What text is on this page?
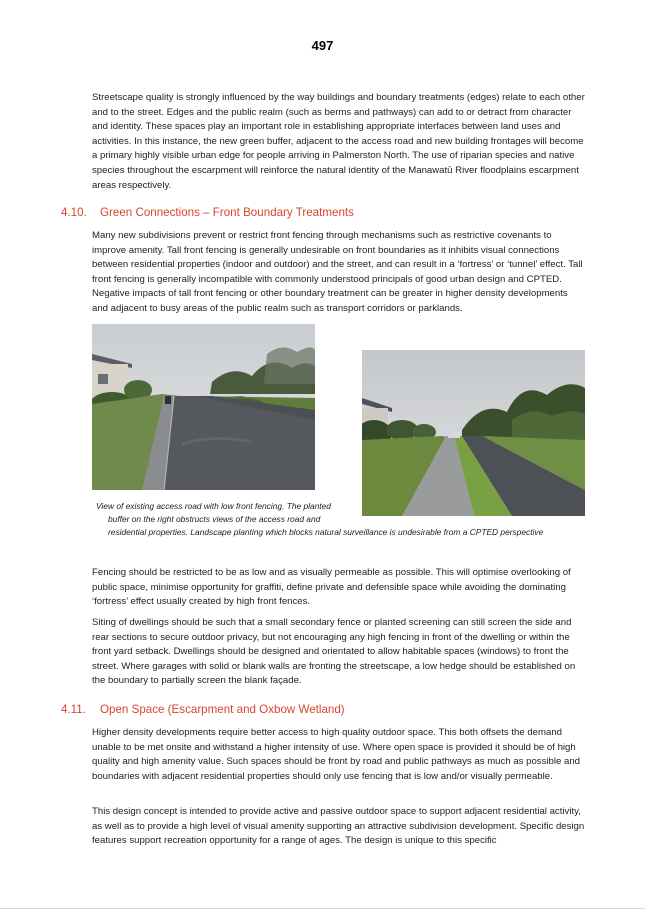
497

Streetscape quality is strongly influenced by the way buildings and boundary treatments (edges) relate to each other and to the street. Edges and the public realm (such as berms and pathways) can add to or detract from character and identity. These spaces play an important role in establishing appropriate interfaces between land uses and activities. In this instance, the new green buffer, adjacent to the access road and new building frontages will become a primary highly visible urban edge for people arriving in Palmerston North. The use of riparian species and native species throughout the escarpment will reinforce the natural identity of the Manawatū River floodplains escarpment areas respectively.

4.10. Green Connections – Front Boundary Treatments

Many new subdivisions prevent or restrict front fencing through mechanisms such as restrictive covenants to improve amenity. Tall front fencing is generally undesirable on front boundaries as it inhibits visual connections between residential properties (indoor and outdoor) and the street, and can result in a ‘fortress’ or ‘tunnel’ effect. Tall front fencing is generally incompatible with commonly understood principals of good urban design and CPTED. Negative impacts of tall front fencing or other boundary treatment can be greater in higher density developments and adjacent to busy areas of the public realm such as transport corridors or parklands.

View of existing access road with low front fencing. The planted
buffer on the right obstructs views of the access road and
residential properties. Landscape planting which blocks natural surveillance is undesirable from a CPTED perspective

Fencing should be restricted to be as low and as visually permeable as possible. This will optimise overlooking of public space, minimise opportunity for graffiti, define private and defensible space while avoiding the dominating ‘fortress’ effect usually created by high front fences.

Siting of dwellings should be such that a small secondary fence or planted screening can still screen the side and rear sections to secure outdoor privacy, but not encouraging any high fencing in front of the dwelling or within the front yard setback. Dwellings should be designed and orientated to allow habitable spaces (windows) to front the street. Where garages with solid or blank walls are fronting the streetscape, a low hedge should be established on the boundary to partially screen the blank façade.

4.11. Open Space (Escarpment and Oxbow Wetland)

Higher density developments require better access to high quality outdoor space. This both offsets the demand unable to be met onsite and withstand a higher intensity of use. Where open space is provided it should be of high quality and high amenity value. Such spaces should be front by road and public pathways as much as possible and boundaries with adjacent residential properties should only use fencing that is low and/or visually permeable.

This design concept is intended to provide active and passive outdoor space to support adjacent residential activity, as well as to provide a high level of visual amenity supporting an attractive subdivision development. Specific design features support recreation opportunity for a range of ages. The design is unique to this specific
